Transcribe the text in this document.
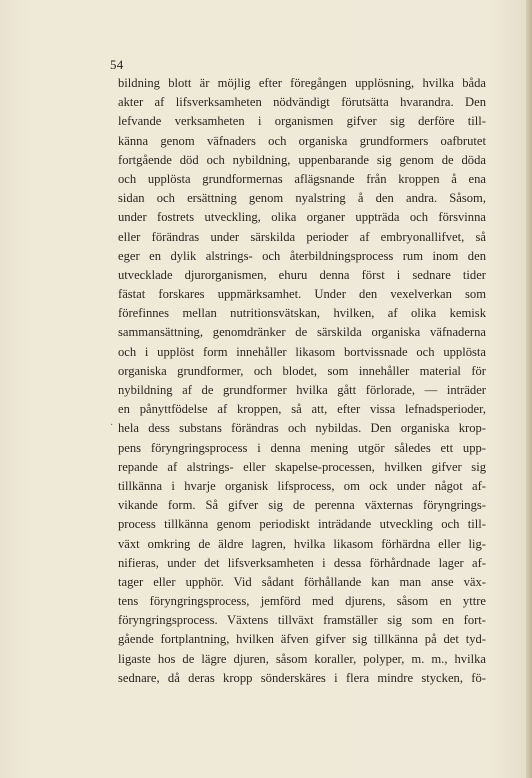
54
·
bildning blott är möjlig efter föregången upplösning, hvilka båda
akter af lifsverksamheten nödvändigt förutsätta hvarandra. Den
lefvande verksamheten i organismen gifver sig derföre till-
känna genom väfnaders och organiska grundformers oafbrutet
fortgående död och nybildning, uppenbarande sig genom de döda
och upplösta grundformernas aflägsnande från kroppen å ena
sidan och ersättning genom nyalstring å den andra. Såsom,
under fostrets utveckling, olika organer uppträda och försvinna
eller förändras under särskilda perioder af embryonallifvet, så
eger en dylik alstrings- och återbildningsprocess rum inom den
utvecklade djurorganismen, ehuru denna först i sednare tider
fästat forskares uppmärksamhet. Under den vexelverkan som
förefinnes mellan nutritionsvätskan, hvilken, af olika kemisk
sammansättning, genomdränker de särskilda organiska väfnaderna
och i upplöst form innehåller likasom bortvissnade och upplösta
organiska grundformer, och blodet, som innehåller material för
nybildning af de grundformer hvilka gått förlorade, — inträder
en pånyttfödelse af kroppen, så att, efter vissa lefnadsperioder,
hela dess substans förändras och nybildas. Den organiska krop-
pens föryngringsprocess i denna mening utgör således ett upp-
repande af alstrings- eller skapelse-processen, hvilken gifver sig
tillkänna i hvarje organisk lifsprocess, om ock under något af-
vikande form. Så gifver sig de perenna växternas föryngrings-
process tillkänna genom periodiskt inträdande utveckling och till-
växt omkring de äldre lagren, hvilka likasom förhärdna eller lig-
nifieras, under det lifsverksamheten i dessa förhårdnade lager af-
tager eller upphör. Vid sådant förhållande kan man anse väx-
tens föryngringsprocess, jemförd med djurens, såsom en yttre
föryngringsprocess. Växtens tillväxt framställer sig som en fort-
gående fortplantning, hvilken äfven gifver sig tillkänna på det tyd-
ligaste hos de lägre djuren, såsom koraller, polyper, m. m., hvilka
sednare, då deras kropp sönderskäres i flera mindre stycken, fö-
